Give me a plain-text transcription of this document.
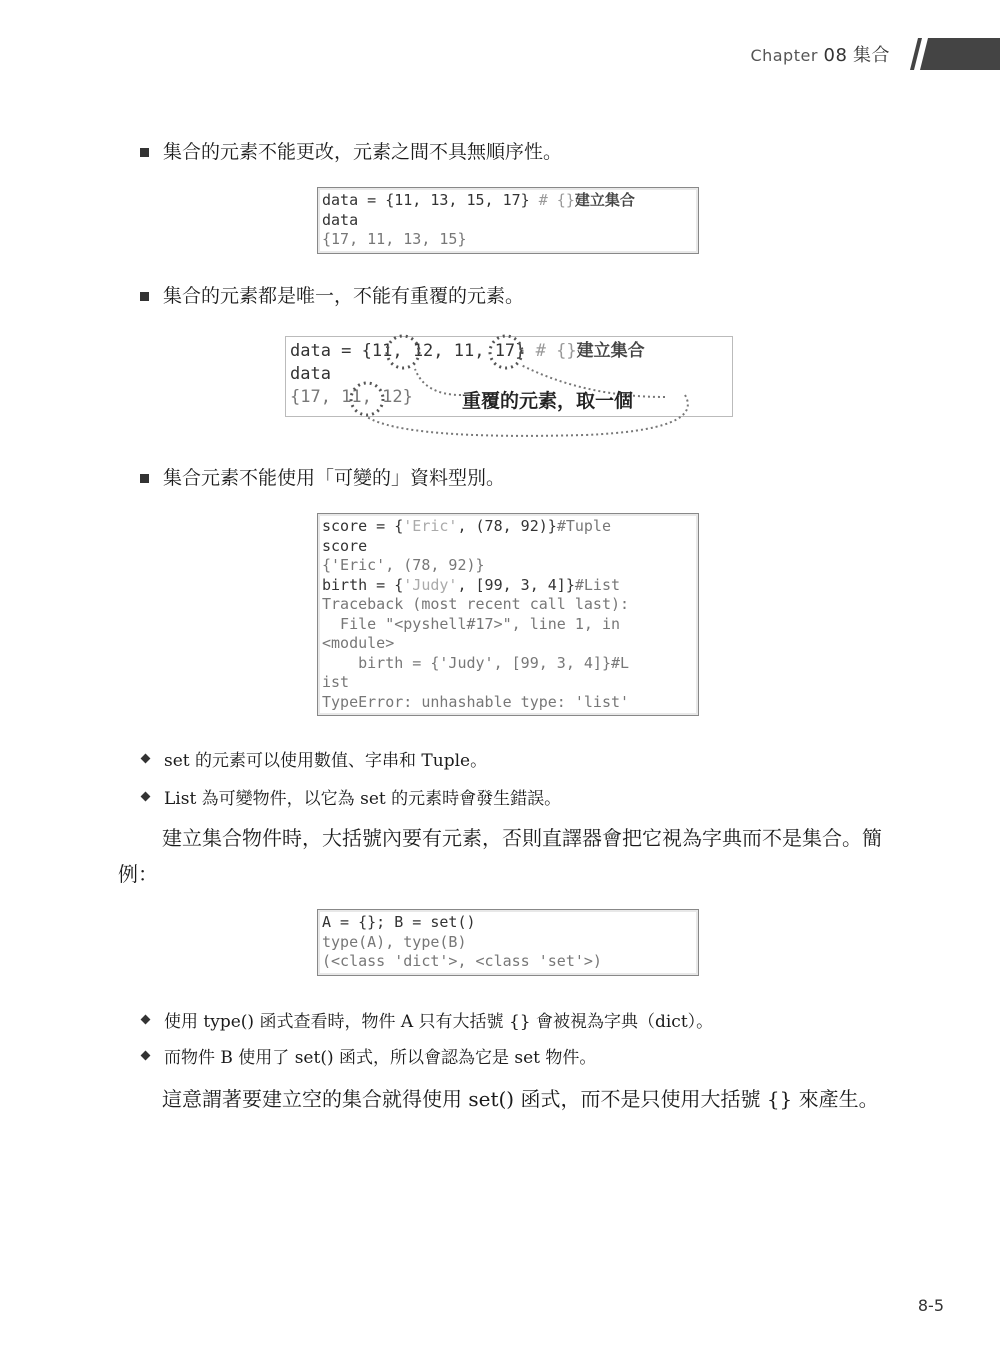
Chapter 08 集合
集合的元素不能更改，元素之間不具無順序性。
data = {11, 13, 15, 17} # {}建立集合
data
{17, 11, 13, 15}
集合的元素都是唯一，不能有重覆的元素。
data = {11, 12, 11, 17} # {}建立集合
data
{17, 11, 12}	重覆的元素，取一個
集合元素不能使用「可變的」資料型別。
score = {'Eric', (78, 92)}#Tuple
score
{'Eric', (78, 92)}
birth = {'Judy', [99, 3, 4]}#List
Traceback (most recent call last):
File "<pyshell#17>", line 1, in
<module>
birth = {'Judy', [99, 3, 4]}#L
ist
TypeError: unhashable type: 'list'
set 的元素可以使用數值、字串和 Tuple。
List 為可變物件，以它為 set 的元素時會發生錯誤。
建立集合物件時，大括號內要有元素，否則直譯器會把它視為字典而不是集合。簡例：
A = {}; B = set()
type(A), type(B)
(<class 'dict'>, <class 'set'>)
使用 type() 函式查看時，物件 A 只有大括號 {} 會被視為字典（dict）。
而物件 B 使用了 set() 函式，所以會認為它是 set 物件。
這意謂著要建立空的集合就得使用 set() 函式，而不是只使用大括號 {} 來產生。
8-5
